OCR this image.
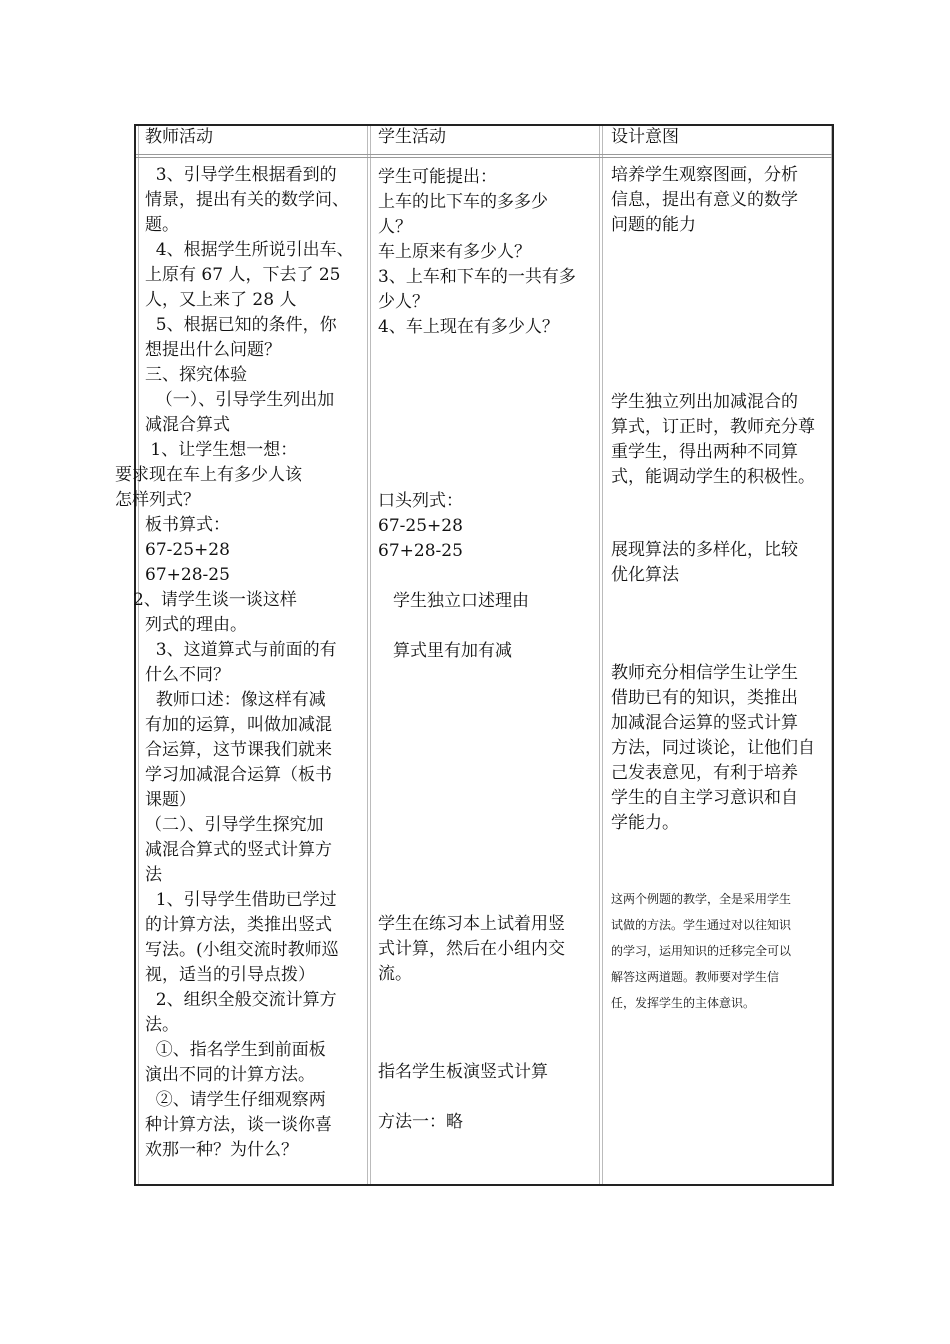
教师活动	学生活动	设计意图
3、引导学生根据看到的
情景，提出有关的数学问、
题。
4、根据学生所说引出车、
上原有 67 人，下去了 25
人，又上来了 28 人
5、根据已知的条件，你
想提出什么问题？
三、探究体验
（一）、引导学生列出加
减混合算式
1、让学生想一想：
要求现在车上有多少人该
怎样列式？
板书算式：
67-25+28
67+28-25
2、请学生谈一谈这样
列式的理由。
3、这道算式与前面的有
什么不同？
教师口述：像这样有减
有加的运算，叫做加减混
合运算，这节课我们就来
学习加减混合运算（板书
课题）
（二）、引导学生探究加
减混合算式的竖式计算方
法
1、引导学生借助已学过
的计算方法，类推出竖式
写法。(小组交流时教师巡
视，适当的引导点拨）
2、组织全般交流计算方
法。
①、指名学生到前面板
演出不同的计算方法。
②、请学生仔细观察两
种计算方法，谈一谈你喜
欢那一种？为什么？
学生可能提出：
上车的比下车的多多少
人？
车上原来有多少人？
3、上车和下车的一共有多
少人？
4、车上现在有多少人？
口头列式：
67-25+28
67+28-25
学生独立口述理由
算式里有加有减
学生在练习本上试着用竖
式计算，然后在小组内交
流。
指名学生板演竖式计算
方法一：略
培养学生观察图画，分析
信息，提出有意义的数学
问题的能力
学生独立列出加减混合的
算式，订正时，教师充分尊
重学生，得出两种不同算
式，能调动学生的积极性。
展现算法的多样化，比较
优化算法
教师充分相信学生让学生
借助已有的知识，类推出
加减混合运算的竖式计算
方法，同过谈论，让他们自
己发表意见，有利于培养
学生的自主学习意识和自
学能力。
这两个例题的教学，全是采用学生
试做的方法。学生通过对以往知识
的学习，运用知识的迁移完全可以
解答这两道题。教师要对学生信
任，发挥学生的主体意识。
